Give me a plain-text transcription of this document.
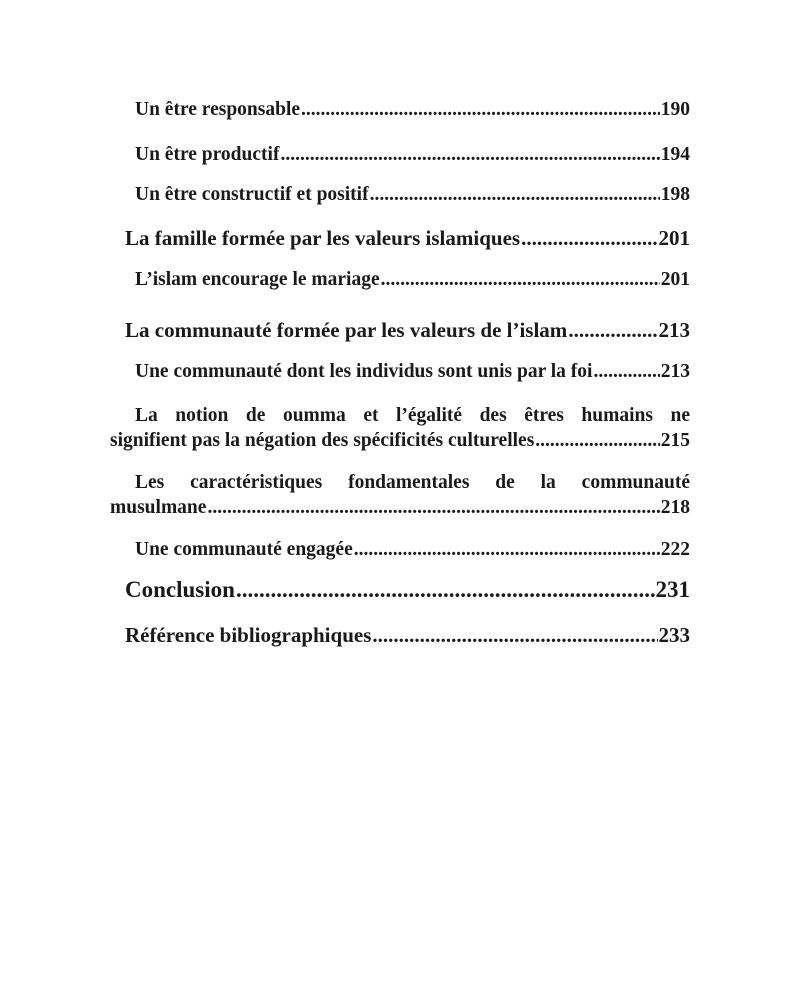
Un être responsable .....	190
Un être productif .....	194
Un être constructif et positif .....	198
La famille formée par les valeurs islamiques .....	201
L’islam encourage le mariage .....	201
La communauté formée par les valeurs de l’islam .....	213
Une communauté dont les individus sont unis par la foi .....	213
La notion de oumma et l’égalité des êtres humains ne
signifient pas la négation des spécificités culturelles .....	215
Les caractéristiques fondamentales de la communauté
musulmane .....	218
Une communauté engagée .....	222
Conclusion .....	231
Référence bibliographiques .....	233
